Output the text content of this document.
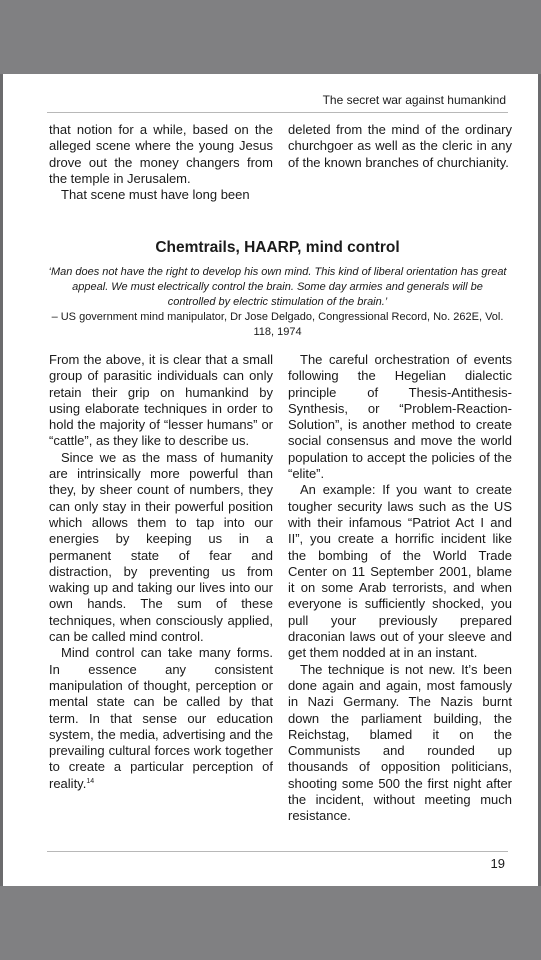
The secret war against humankind

that notion for a while, based on the alleged scene where the young Jesus drove out the money changers from the temple in Jerusalem.

That scene must have long been

deleted from the mind of the ordinary churchgoer as well as the cleric in any of the known branches of churchianity.

Chemtrails, HAARP, mind control
‘Man does not have the right to develop his own mind. This kind of liberal orientation has great appeal. We must electrically control the brain. Some day armies and generals will be controlled by electric stimulation of the brain.’
– US government mind manipulator, Dr Jose Delgado, Congressional Record, No. 262E, Vol. 118, 1974

From the above, it is clear that a small group of parasitic individuals can only retain their grip on humankind by using elaborate techniques in order to hold the majority of “lesser humans” or “cattle”, as they like to describe us.

Since we as the mass of humanity are intrinsically more powerful than they, by sheer count of numbers, they can only stay in their powerful position which allows them to tap into our energies by keeping us in a permanent state of fear and distraction, by preventing us from waking up and taking our lives into our own hands. The sum of these techniques, when consciously applied, can be called mind control.

Mind control can take many forms. In essence any consistent manipulation of thought, perception or mental state can be called by that term. In that sense our education system, the media, advertising and the prevailing cultural forces work together to create a particular perception of reality.$^{14}$

The careful orchestration of events following the Hegelian dialectic principle of Thesis-Antithesis-Synthesis, or “Problem-Reaction-Solution”, is another method to create social consensus and move the world population to accept the policies of the “elite”.

An example: If you want to create tougher security laws such as the US with their infamous “Patriot Act I and II”, you create a horrific incident like the bombing of the World Trade Center on 11 September 2001, blame it on some Arab terrorists, and when everyone is sufficiently shocked, you pull your previously prepared draconian laws out of your sleeve and get them nodded at in an instant.

The technique is not new. It’s been done again and again, most famously in Nazi Germany. The Nazis burnt down the parliament building, the Reichstag, blamed it on the Communists and rounded up thousands of opposition politicians, shooting some 500 the first night after the incident, without meeting much resistance.

19
